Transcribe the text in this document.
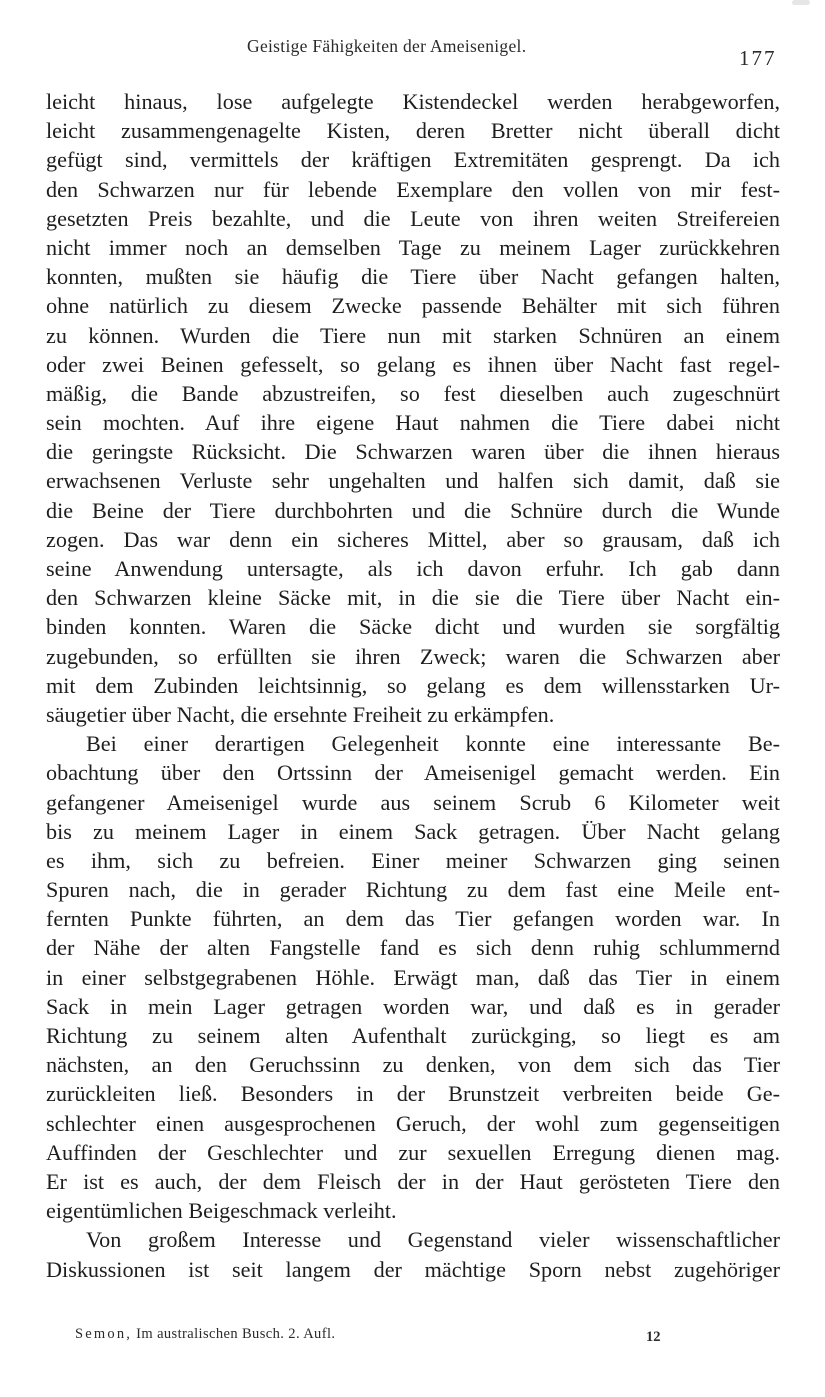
Geistige Fähigkeiten der Ameisenigel.	177
leicht hinaus, lose aufgelegte Kistendeckel werden herabgeworfen,
leicht zusammengenagelte Kisten, deren Bretter nicht überall dicht
gefügt sind, vermittels der kräftigen Extremitäten gesprengt. Da ich
den Schwarzen nur für lebende Exemplare den vollen von mir fest-
gesetzten Preis bezahlte, und die Leute von ihren weiten Streifereien
nicht immer noch an demselben Tage zu meinem Lager zurückkehren
konnten, mußten sie häufig die Tiere über Nacht gefangen halten,
ohne natürlich zu diesem Zwecke passende Behälter mit sich führen
zu können. Wurden die Tiere nun mit starken Schnüren an einem
oder zwei Beinen gefesselt, so gelang es ihnen über Nacht fast regel-
mäßig, die Bande abzustreifen, so fest dieselben auch zugeschnürt
sein mochten. Auf ihre eigene Haut nahmen die Tiere dabei nicht
die geringste Rücksicht. Die Schwarzen waren über die ihnen hieraus
erwachsenen Verluste sehr ungehalten und halfen sich damit, daß sie
die Beine der Tiere durchbohrten und die Schnüre durch die Wunde
zogen. Das war denn ein sicheres Mittel, aber so grausam, daß ich
seine Anwendung untersagte, als ich davon erfuhr. Ich gab dann
den Schwarzen kleine Säcke mit, in die sie die Tiere über Nacht ein-
binden konnten. Waren die Säcke dicht und wurden sie sorgfältig
zugebunden, so erfüllten sie ihren Zweck; waren die Schwarzen aber
mit dem Zubinden leichtsinnig, so gelang es dem willensstarken Ur-
säugetier über Nacht, die ersehnte Freiheit zu erkämpfen.
Bei einer derartigen Gelegenheit konnte eine interessante Be-
obachtung über den Ortssinn der Ameisenigel gemacht werden. Ein
gefangener Ameisenigel wurde aus seinem Scrub 6 Kilometer weit
bis zu meinem Lager in einem Sack getragen. Über Nacht gelang
es ihm, sich zu befreien. Einer meiner Schwarzen ging seinen
Spuren nach, die in gerader Richtung zu dem fast eine Meile ent-
fernten Punkte führten, an dem das Tier gefangen worden war. In
der Nähe der alten Fangstelle fand es sich denn ruhig schlummernd
in einer selbstgegrabenen Höhle. Erwägt man, daß das Tier in einem
Sack in mein Lager getragen worden war, und daß es in gerader
Richtung zu seinem alten Aufenthalt zurückging, so liegt es am
nächsten, an den Geruchssinn zu denken, von dem sich das Tier
zurückleiten ließ. Besonders in der Brunstzeit verbreiten beide Ge-
schlechter einen ausgesprochenen Geruch, der wohl zum gegenseitigen
Auffinden der Geschlechter und zur sexuellen Erregung dienen mag.
Er ist es auch, der dem Fleisch der in der Haut gerösteten Tiere den
eigentümlichen Beigeschmack verleiht.
Von großem Interesse und Gegenstand vieler wissenschaftlicher
Diskussionen ist seit langem der mächtige Sporn nebst zugehöriger
Semon, Im australischen Busch. 2. Aufl.	12
